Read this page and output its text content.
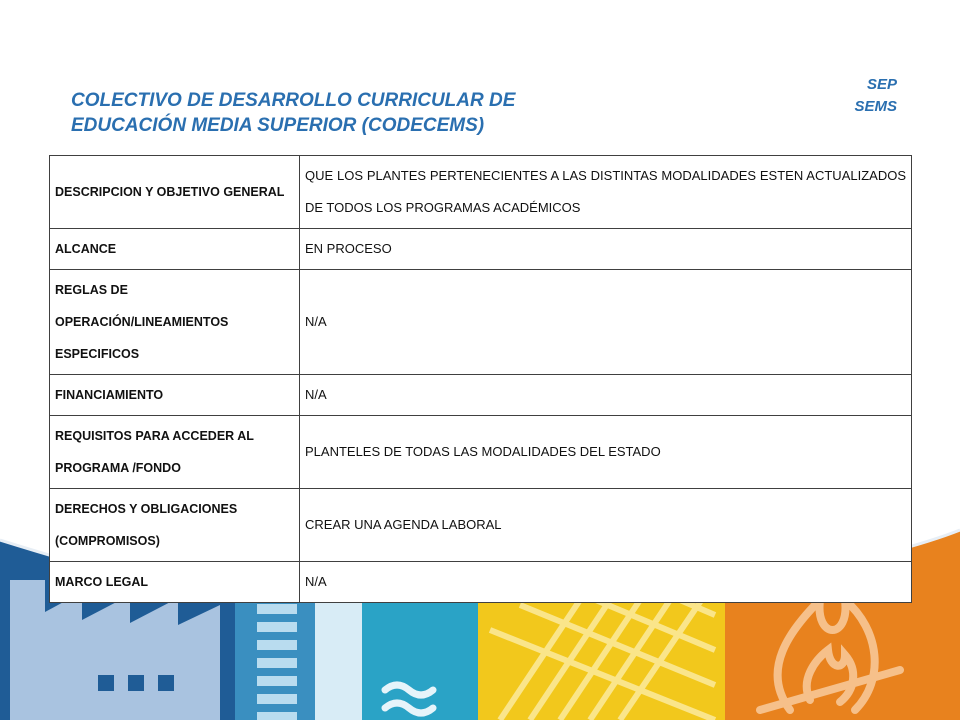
COLECTIVO DE DESARROLLO CURRICULAR DE
EDUCACIÓN MEDIA SUPERIOR (CODECEMS)
SEP
SEMS
DESCRIPCION Y OBJETIVO GENERAL	QUE LOS PLANTES PERTENECIENTES A LAS DISTINTAS MODALIDADES ESTEN ACTUALIZADOS DE TODOS LOS PROGRAMAS ACADÉMICOS
ALCANCE	EN PROCESO
REGLAS DE OPERACIÓN/LINEAMIENTOS ESPECIFICOS	N/A
FINANCIAMIENTO	N/A
REQUISITOS PARA ACCEDER AL PROGRAMA /FONDO	PLANTELES DE TODAS LAS MODALIDADES DEL ESTADO
DERECHOS Y OBLIGACIONES (COMPROMISOS)	CREAR UNA AGENDA LABORAL
MARCO LEGAL	N/A
